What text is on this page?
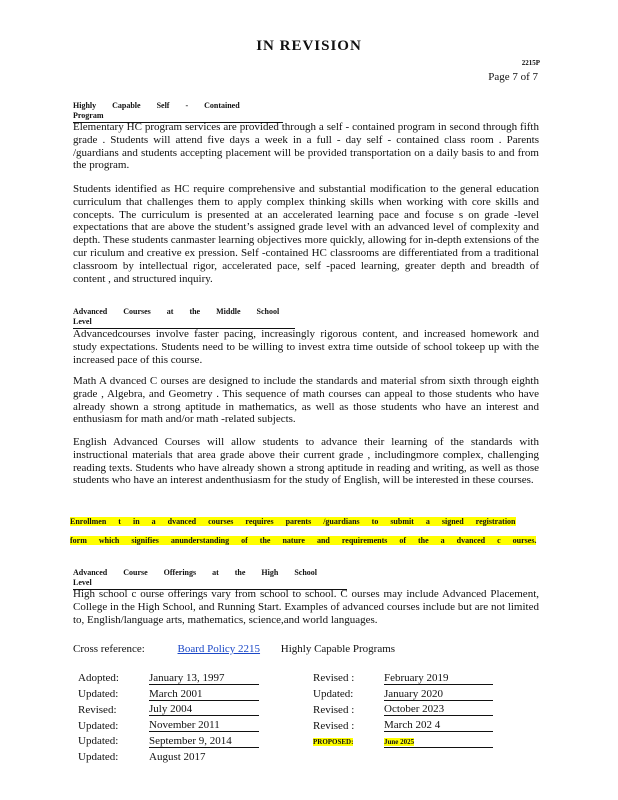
IN REVISION
2215P
Page 7 of 7
Highly Capable Self - Contained Program
Elementary HC program services are provided through a self - contained program in second through fifth grade . Students will attend five days a week in a full - day self - contained class room . Parents /guardians and students accepting placement will be provided transportation on a daily basis to and from the program.
Students identified as HC require comprehensive and substantial modification to the general education curriculum that challenges them to apply complex thinking skills when working with core skills and concepts. The curriculum is presented at an accelerated learning pace and focuse s on grade -level expectations that are above the student’s assigned grade level with an advanced level of complexity and depth. These students canmaster learning objectives more quickly, allowing for in-depth extensions of the cur riculum and creative ex pression. Self -contained HC classrooms are differentiated from a traditional classroom by intellectual rigor, accelerated pace, self -paced learning, greater depth and breadth of content , and structured inquiry.
Advanced Courses at the Middle School Level
Advancedcourses involve faster pacing, increasingly rigorous content, and increased homework and study expectations. Students need to be willing to invest extra time outside of school tokeep up with the increased pace of this course.
Math A dvanced C ourses are designed to include the standards and material sfrom sixth through eighth grade , Algebra, and Geometry . This sequence of math courses can appeal to those students who have already shown a strong aptitude in mathematics, as well as those students who have an interest and enthusiasm for math and/or math -related subjects.
English Advanced Courses will allow students to advance their learning of the standards with instructional materials that area grade above their current grade , includingmore complex, challenging reading texts. Students who have already shown a strong aptitude in reading and writing, as well as those students who have an interest andenthusiasm for the study of English, will be interested in these courses.
Enrollmen t in a dvanced courses requires parents /guardians to submit a signed registration form which signifies anunderstanding of the nature and requirements of the a dvanced c ourses.
Advanced Course Offerings at the High School Level
High school c ourse offerings vary from school to school. C ourses may include Advanced Placement, College in the High School, and Running Start. Examples of advanced courses include but are not limited to, English/language arts, mathematics, science,and world languages.
Cross reference:	Board Policy 2215 Highly Capable Programs
Adopted:	January 13, 1997
Updated:	March 2001
Revised:	July 2004
Updated:	November 2011
Updated:	September 9, 2014
Updated:	August 2017
Revised :	February 2019
Updated:	January 2020
Revised :	October 2023
Revised :	March 202 4
PROPOSED:	June 2025
